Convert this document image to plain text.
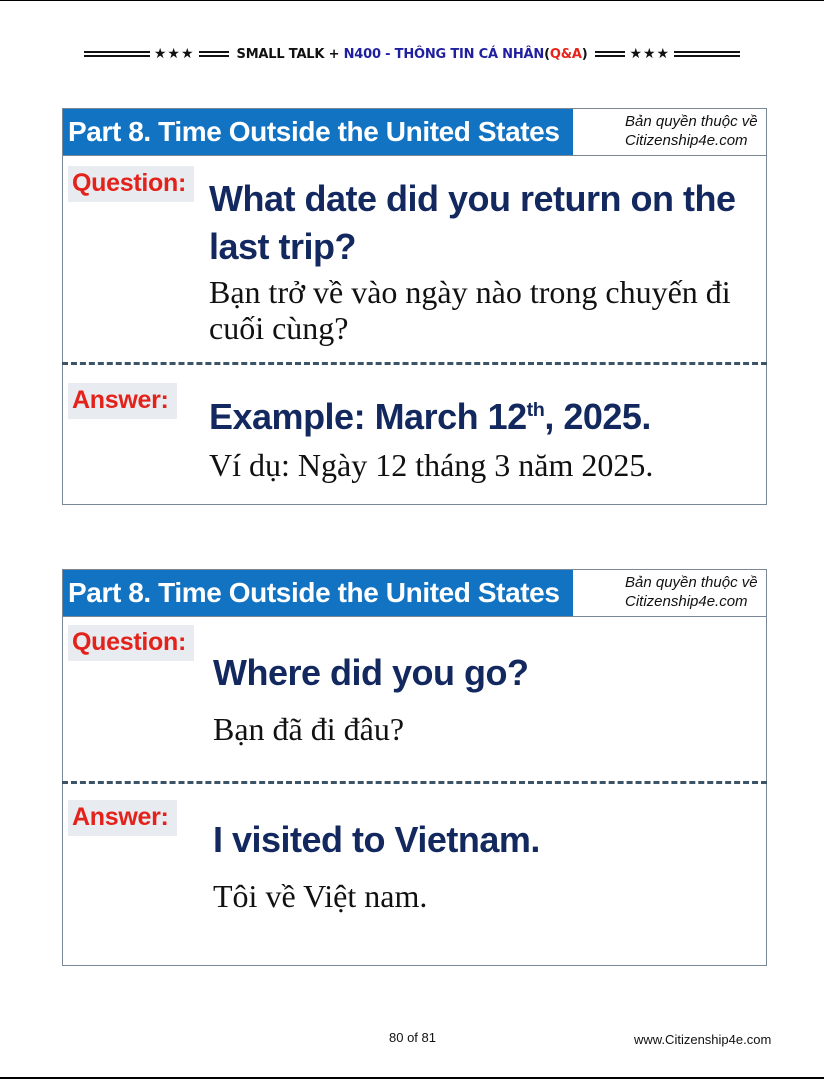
★★★	SMALL TALK + N400 - THÔNG TIN CÁ NHÂN(Q&A)	★★★
Part 8. Time Outside the United States	Bản quyền thuộc về
Citizenship4e.com
Question: What date did you return on the
last trip?
Bạn trở về vào ngày nào trong chuyến đi
cuối cùng?
Answer: Example: March 12th, 2025.
Ví dụ: Ngày 12 tháng 3 năm 2025.
Part 8. Time Outside the United States	Bản quyền thuộc về
Citizenship4e.com
Question:
Where did you go?
Bạn đã đi đâu?
Answer:
I visited to Vietnam.
Tôi về Việt nam.
80 of 81	www.Citizenship4e.com
